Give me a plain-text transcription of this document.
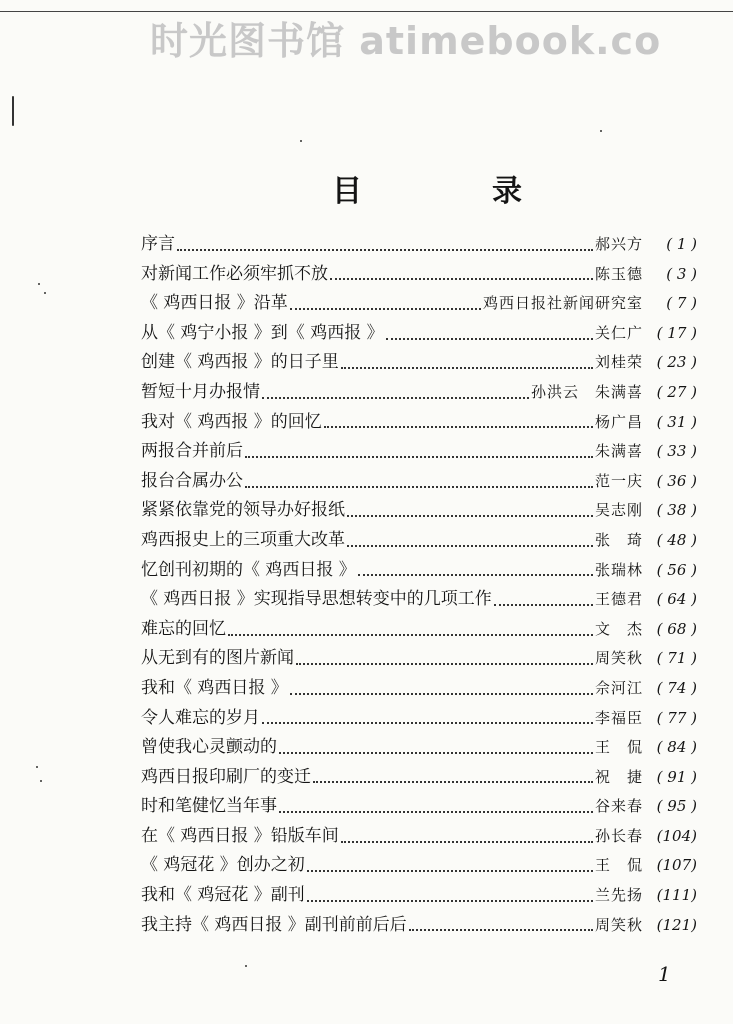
时光图书馆 atimebook.co
目	录
序言	郝兴方	( 1 )
对新闻工作必须牢抓不放	陈玉德	( 3 )
《 鸡西日报 》沿革	鸡西日报社新闻研究室	( 7 )
从《 鸡宁小报 》到《 鸡西报 》	关仁广 ( 17 )
创建《 鸡西报 》的日子里	刘桂荣 ( 23 )
暂短十月办报情	孙洪云　朱满喜 ( 27 )
我对《 鸡西报 》的回忆	杨广昌 ( 31 )
两报合并前后	朱满喜 ( 33 )
报台合属办公	范一庆 ( 36 )
紧紧依靠党的领导办好报纸	吴志刚 ( 38 )
鸡西报史上的三项重大改革	张　琦 ( 48 )
忆创刊初期的《 鸡西日报 》	张瑞林 ( 56 )
《 鸡西日报 》实现指导思想转变中的几项工作	王德君 ( 64 )
难忘的回忆	文　杰 ( 68 )
从无到有的图片新闻	周笑秋 ( 71 )
我和《 鸡西日报 》	佘河江 ( 74 )
令人难忘的岁月	李福臣 ( 77 )
曾使我心灵颤动的	王　侃 ( 84 )
鸡西日报印刷厂的变迁	祝　捷 ( 91 )
时和笔健忆当年事	谷来春 ( 95 )
在《 鸡西日报 》铅版车间	孙长春 (104)
《 鸡冠花 》创办之初	王　侃 (107)
我和《 鸡冠花 》副刊	兰先扬 (111)
我主持《 鸡西日报 》副刊前前后后	周笑秋 (121)
1
